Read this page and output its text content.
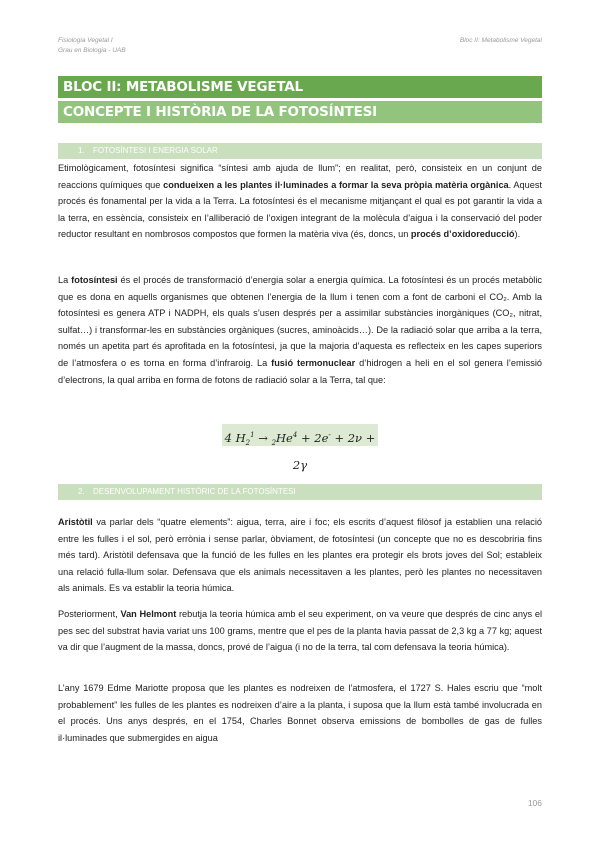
Fisiologia Vegetal I
Grau en Biologia - UAB
Bloc II: Metabolisme Vegetal
BLOC II: METABOLISME VEGETAL
CONCEPTE I HISTÒRIA DE LA FOTOSÍNTESI
1. FOTOSÍNTESI I ENERGIA SOLAR
Etimològicament, fotosíntesi significa “síntesi amb ajuda de llum”; en realitat, però, consisteix en un conjunt de reaccions químiques que condueixen a les plantes il·luminades a formar la seva pròpia matèria orgànica. Aquest procés és fonamental per la vida a la Terra. La fotosíntesi és el mecanisme mitjançant el qual es pot garantir la vida a la terra, en essència, consisteix en l’alliberació de l’oxigen integrant de la molècula d’aigua i la conservació del poder reductor resultant en nombrosos compostos que formen la matèria viva (és, doncs, un procés d’oxidoreducció).
La fotosíntesi és el procés de transformació d’energia solar a energia química. La fotosíntesi és un procés metabòlic que es dona en aquells organismes que obtenen l’energia de la llum i tenen com a font de carboni el CO₂. Amb la fotosíntesi es genera ATP i NADPH, els quals s’usen després per a assimilar substàncies inorgàniques (CO₂, nitrat, sulfat…) i transformar-les en substàncies orgàniques (sucres, aminoàcids…). De la radiació solar que arriba a la terra, només un apetita part és aprofitada en la fotosíntesi, ja que la majoria d’aquesta es reflecteix en les capes superiors de l’atmosfera o es torna en forma d’infraroig. La fusió termonuclear d’hidrogen a heli en el sol genera l’emissió d’electrons, la qual arriba en forma de fotons de radiació solar a la Terra, tal que:
4 $H_2^1 \to _2He^4 + 2e^- + 2\nu + 2\gamma$
2. DESENVOLUPAMENT HISTÒRIC DE LA FOTOSÍNTESI
Aristòtil va parlar dels “quatre elements”: aigua, terra, aire i foc; els escrits d’aquest filòsof ja establien una relació entre les fulles i el sol, però errònia i sense parlar, òbviament, de fotosíntesi (un concepte que no es descobriria fins més tard). Aristòtil defensava que la funció de les fulles en les plantes era protegir els brots joves del Sol; estableix una relació fulla-llum solar. Defensava que els animals necessitaven a les plantes, però les plantes no necessitaven als animals. Es va establir la teoria húmica.
Posteriorment, Van Helmont rebutja la teoria húmica amb el seu experiment, on va veure que després de cinc anys el pes sec del substrat havia variat uns 100 grams, mentre que el pes de la planta havia passat de 2,3 kg a 77 kg; aquest va dir que l’augment de la massa, doncs, prové de l’aigua (i no de la terra, tal com defensava la teoria húmica).
L’any 1679 Edme Mariotte proposa que les plantes es nodreixen de l’atmosfera, el 1727 S. Hales escriu que “molt probablement” les fulles de les plantes es nodreixen d’aire a la planta, i suposa que la llum està també involucrada en el procés. Uns anys després, en el 1754, Charles Bonnet observa emissions de bombolles de gas de fulles il·luminades que submergides en aigua
106
